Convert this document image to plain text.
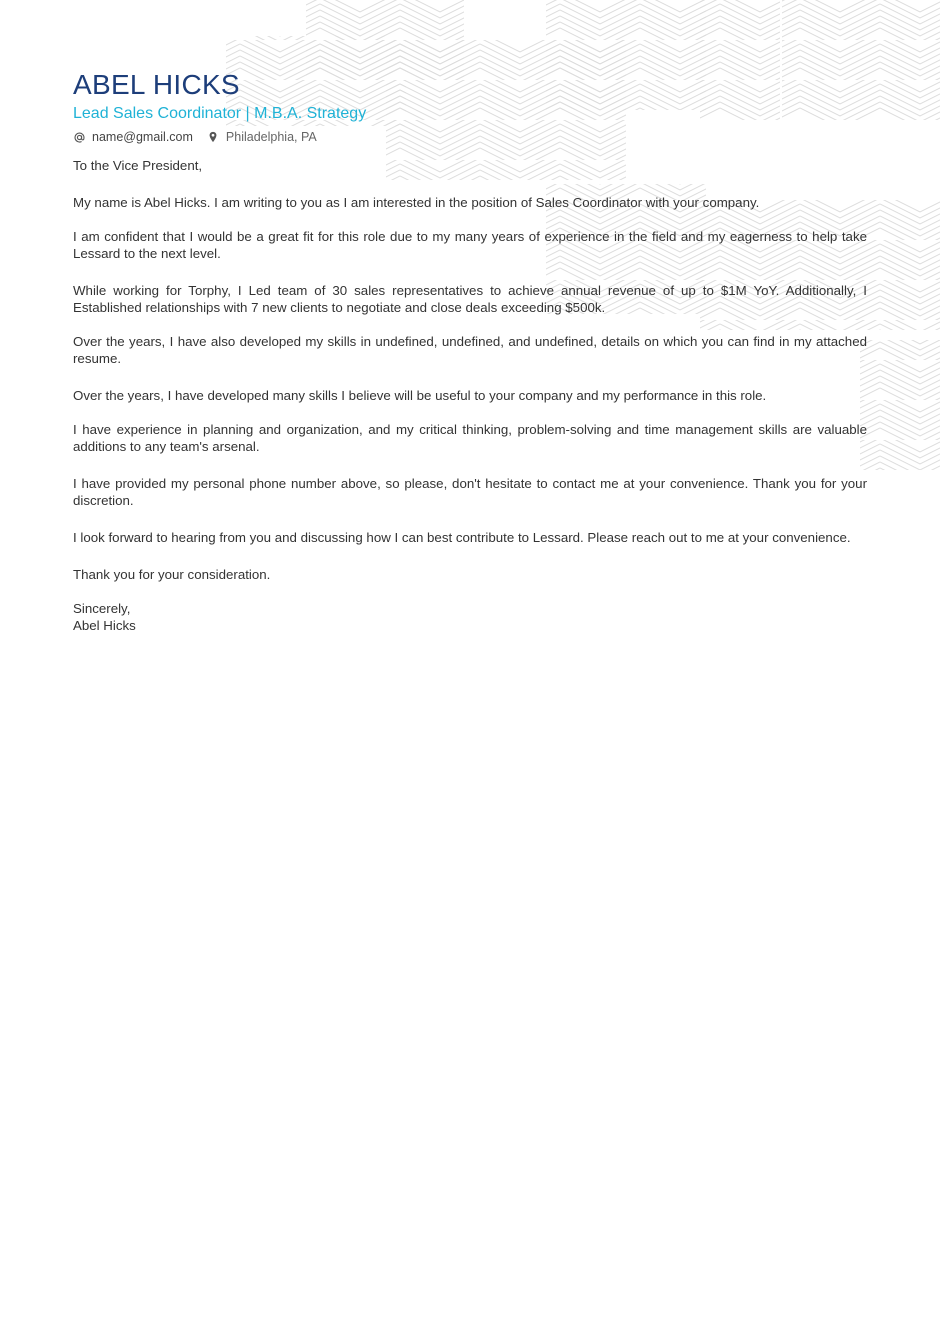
ABEL HICKS
Lead Sales Coordinator | M.B.A. Strategy
name@gmail.com	Philadelphia, PA

To the Vice President,

My name is Abel Hicks. I am writing to you as I am interested in the position of Sales Coordinator with your company.

I am confident that I would be a great fit for this role due to my many years of experience in the field and my eagerness to help take Lessard to the next level.

While working for Torphy, I Led team of 30 sales representatives to achieve annual revenue of up to $1M YoY. Additionally, I Established relationships with 7 new clients to negotiate and close deals exceeding $500k.

Over the years, I have also developed my skills in undefined, undefined, and undefined, details on which you can find in my attached resume.

Over the years, I have developed many skills I believe will be useful to your company and my performance in this role.

I have experience in planning and organization, and my critical thinking, problem-solving and time management skills are valuable additions to any team's arsenal.

I have provided my personal phone number above, so please, don't hesitate to contact me at your convenience. Thank you for your discretion.

I look forward to hearing from you and discussing how I can best contribute to Lessard. Please reach out to me at your convenience.

Thank you for your consideration.

Sincerely,

Abel Hicks
